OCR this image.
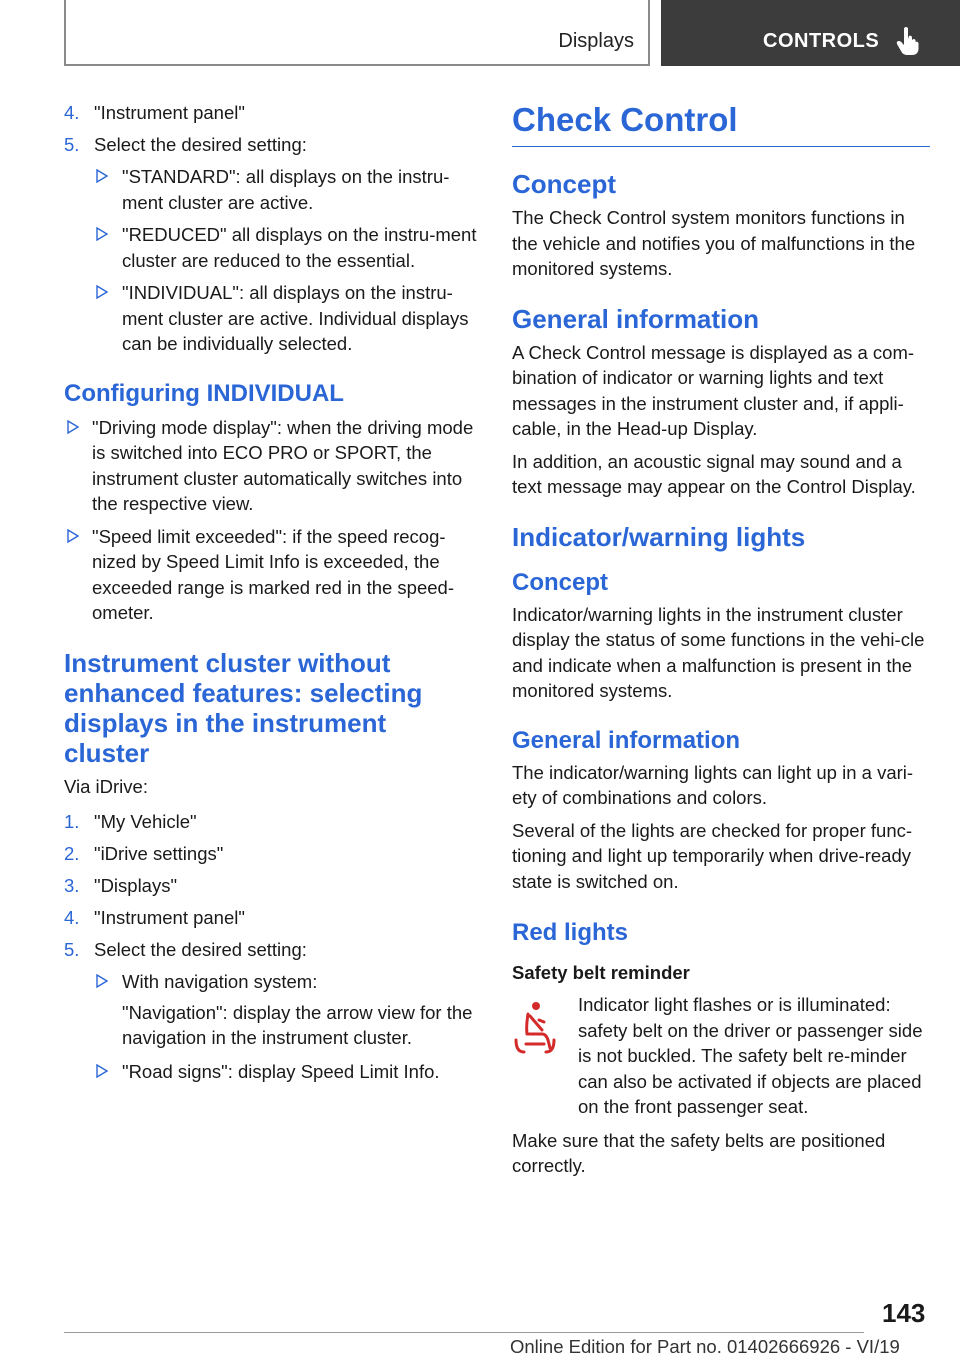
Displays	CONTROLS
4. "Instrument panel"
5. Select the desired setting:
"STANDARD": all displays on the instru-ment cluster are active.
"REDUCED" all displays on the instru-ment cluster are reduced to the essential.
"INDIVIDUAL": all displays on the instru-ment cluster are active. Individual displays can be individually selected.
Configuring INDIVIDUAL
"Driving mode display": when the driving mode is switched into ECO PRO or SPORT, the instrument cluster automatically switches into the respective view.
"Speed limit exceeded": if the speed recog-nized by Speed Limit Info is exceeded, the exceeded range is marked red in the speed-ometer.
Instrument cluster without enhanced features: selecting displays in the instrument cluster

Via iDrive:

1. "My Vehicle"
2. "iDrive settings"
3. "Displays"
4. "Instrument panel"
5. Select the desired setting:
With navigation system:
"Navigation": display the arrow view for the navigation in the instrument cluster.
"Road signs": display Speed Limit Info.
Check Control
Concept

The Check Control system monitors functions in the vehicle and notifies you of malfunctions in the monitored systems.

General information

A Check Control message is displayed as a com-bination of indicator or warning lights and text messages in the instrument cluster and, if appli-cable, in the Head-up Display.

In addition, an acoustic signal may sound and a text message may appear on the Control Display.

Indicator/warning lights
Concept

Indicator/warning lights in the instrument cluster display the status of some functions in the vehi-cle and indicate when a malfunction is present in the monitored systems.

General information

The indicator/warning lights can light up in a vari-ety of combinations and colors.

Several of the lights are checked for proper func-tioning and light up temporarily when drive-ready state is switched on.

Red lights
Safety belt reminder

Indicator light flashes or is illuminated: safety belt on the driver or passenger side is not buckled. The safety belt re-minder can also be activated if objects are placed on the front passenger seat.

Make sure that the safety belts are positioned correctly.

143
Online Edition for Part no. 01402666926 - VI/19
